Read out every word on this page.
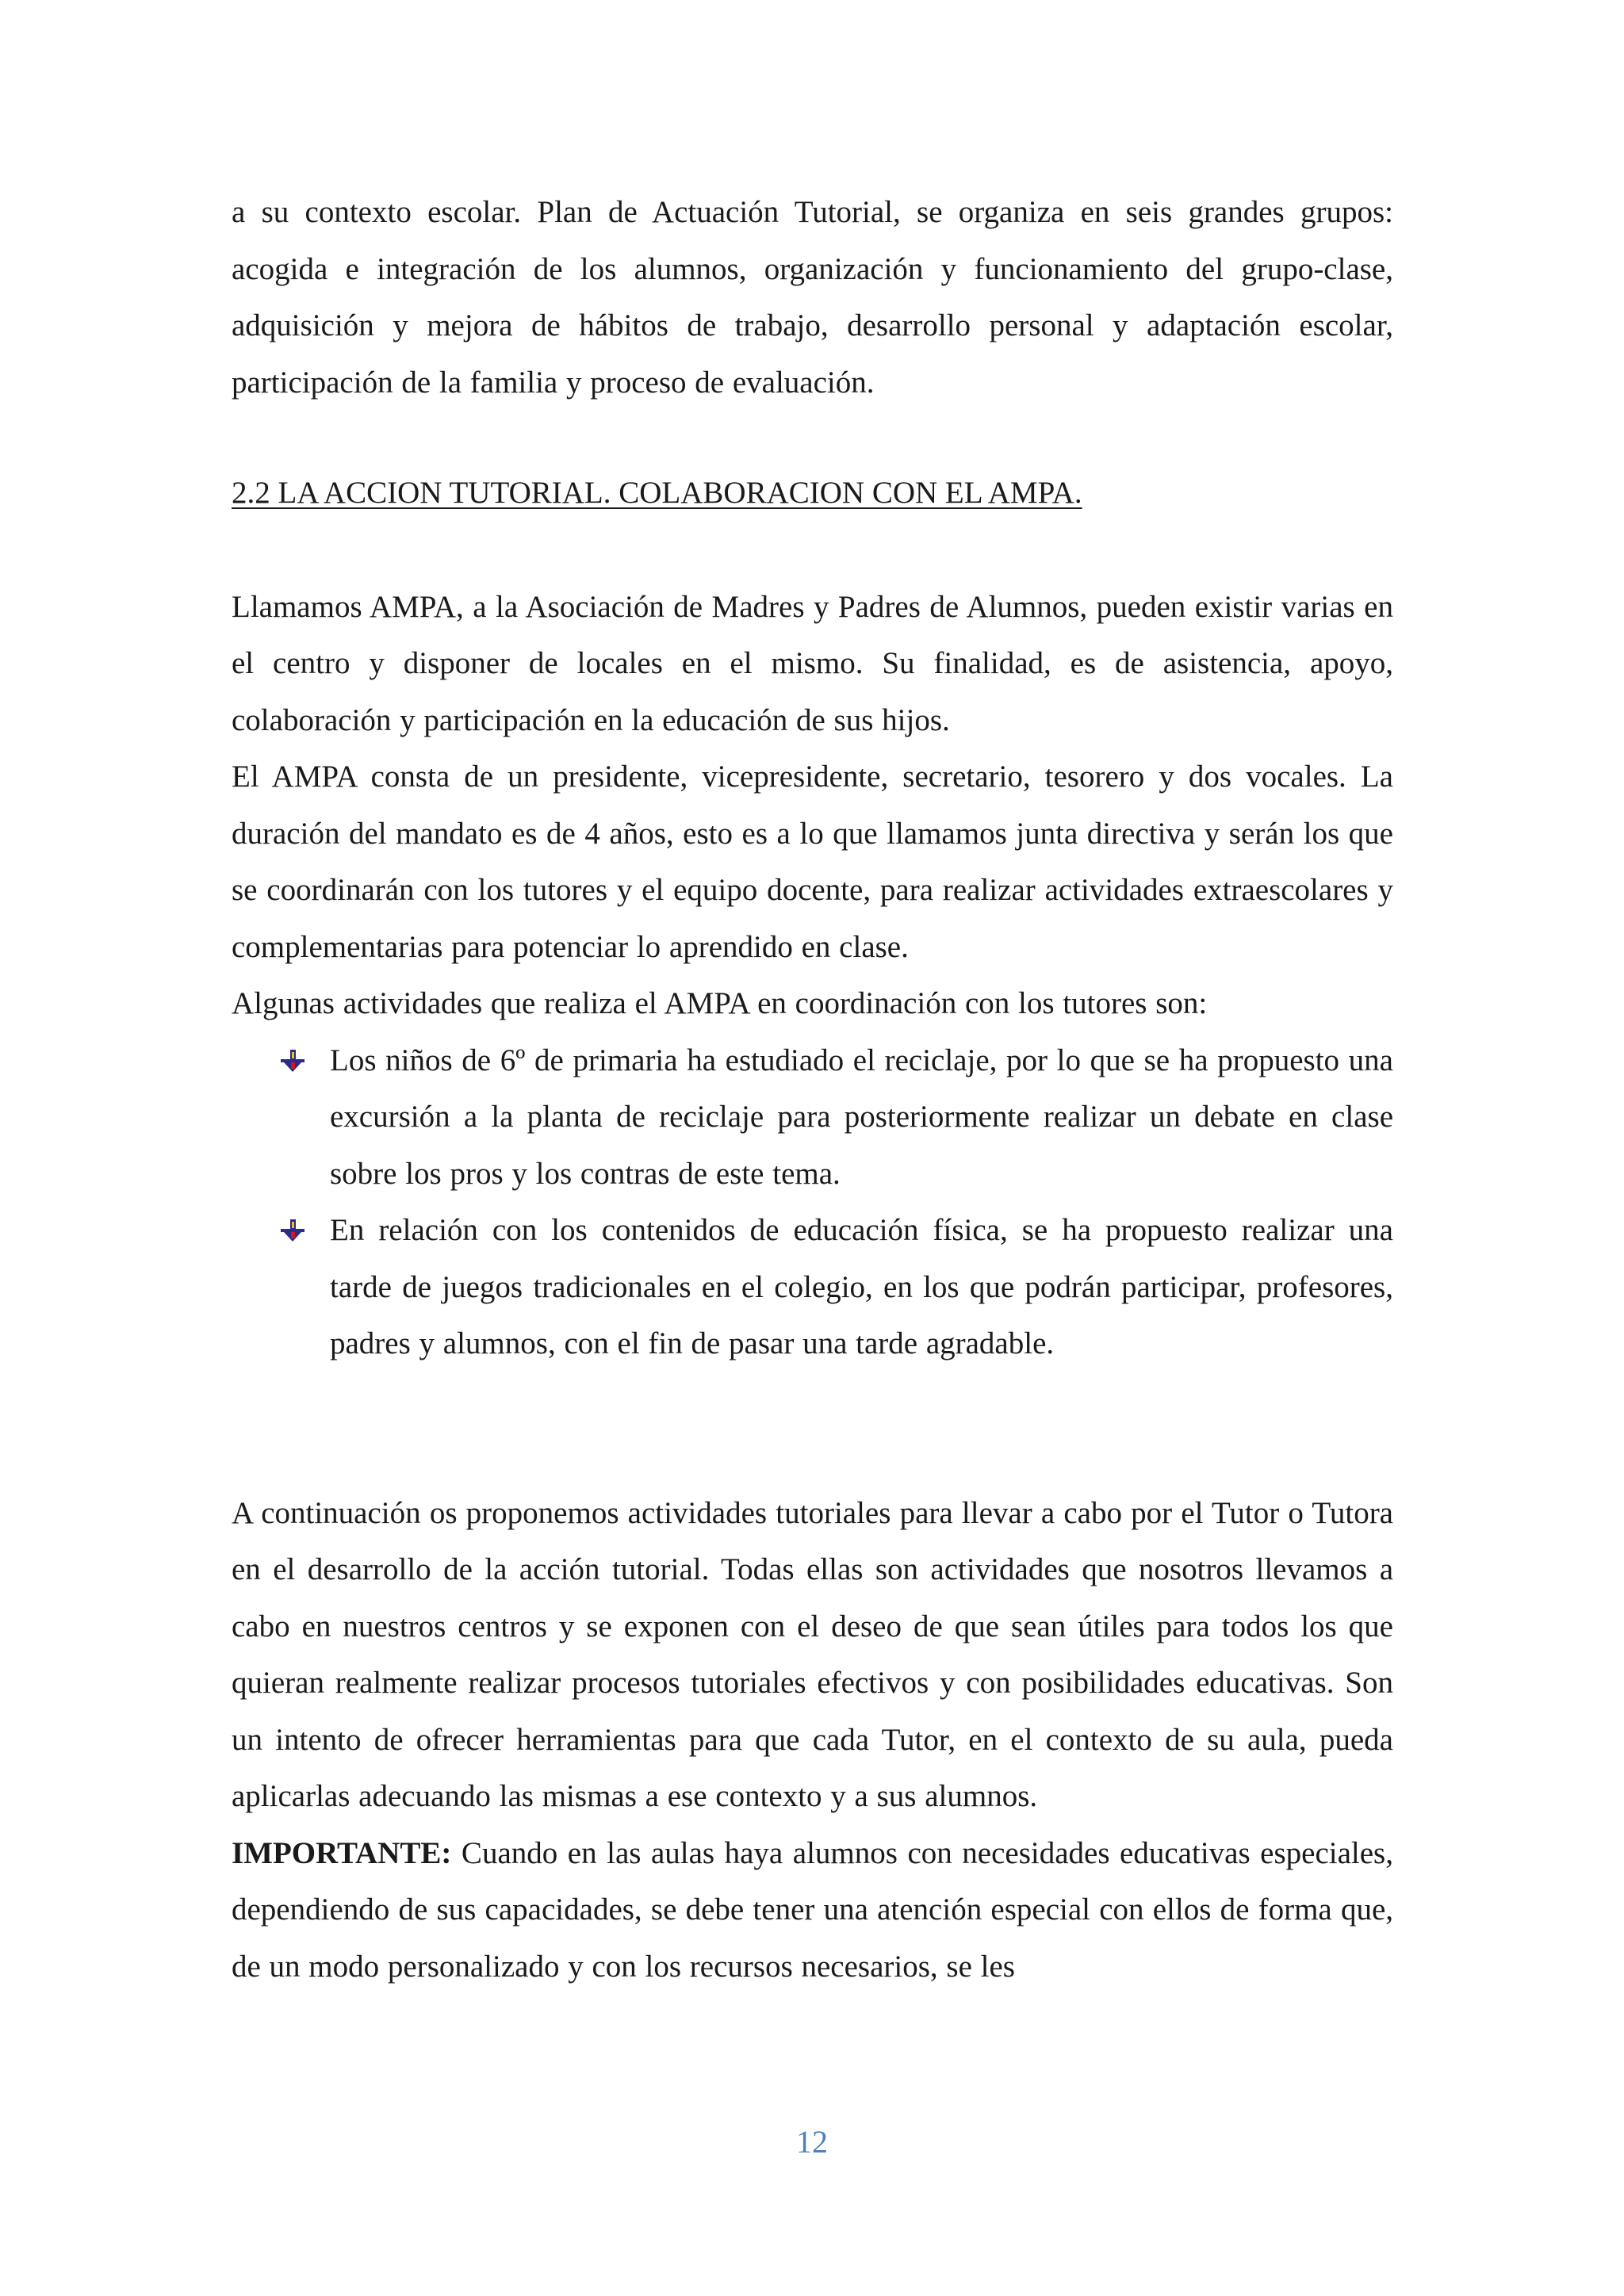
a su contexto escolar. Plan de Actuación Tutorial, se organiza en seis grandes grupos: acogida e integración de los alumnos, organización y funcionamiento del grupo-clase, adquisición y mejora de hábitos de trabajo, desarrollo personal y adaptación escolar, participación de la familia y proceso de evaluación.

2.2 LA ACCION TUTORIAL. COLABORACION CON EL AMPA.

Llamamos AMPA, a la Asociación de Madres y Padres de Alumnos, pueden existir varias en el centro y disponer de locales en el mismo. Su finalidad, es de asistencia, apoyo, colaboración y participación en la educación de sus hijos.

El AMPA consta de un presidente, vicepresidente, secretario, tesorero y dos vocales. La duración del mandato es de 4 años, esto es a lo que llamamos junta directiva y serán los que se coordinarán con los tutores y el equipo docente, para realizar actividades extraescolares y complementarias para potenciar lo aprendido en clase.

Algunas actividades que realiza el AMPA en coordinación con los tutores son:

Los niños de 6º de primaria ha estudiado el reciclaje, por lo que se ha propuesto una excursión a la planta de reciclaje para posteriormente realizar un debate en clase sobre los pros y los contras de este tema.

En relación con los contenidos de educación física, se ha propuesto realizar una tarde de juegos tradicionales en el colegio, en los que podrán participar, profesores, padres y alumnos, con el fin de pasar una tarde agradable.

A continuación os proponemos actividades tutoriales para llevar a cabo por el Tutor o Tutora en el desarrollo de la acción tutorial. Todas ellas son actividades que nosotros llevamos a cabo en nuestros centros y se exponen con el deseo de que sean útiles para todos los que quieran realmente realizar procesos tutoriales efectivos y con posibilidades educativas. Son un intento de ofrecer herramientas para que cada Tutor, en el contexto de su aula, pueda aplicarlas adecuando las mismas a ese contexto y a sus alumnos.

IMPORTANTE: Cuando en las aulas haya alumnos con necesidades educativas especiales, dependiendo de sus capacidades, se debe tener una atención especial con ellos de forma que, de un modo personalizado y con los recursos necesarios, se les

12
